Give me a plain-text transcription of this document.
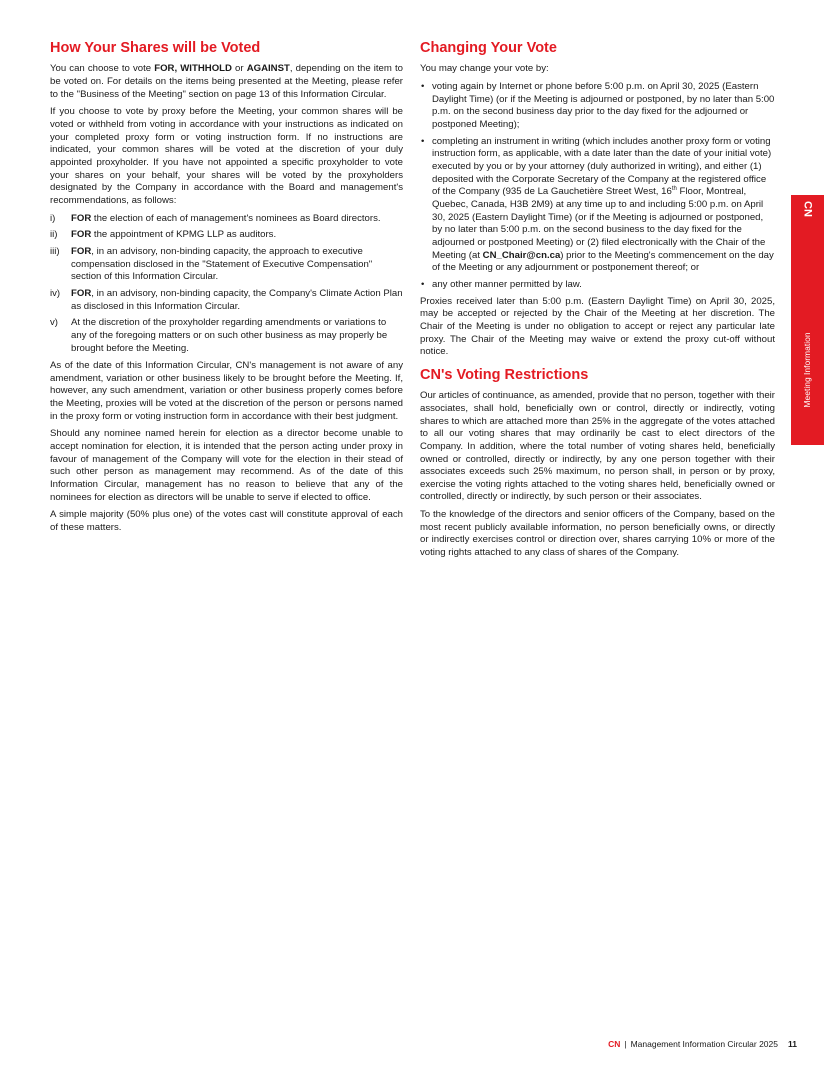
How Your Shares will be Voted

You can choose to vote FOR, WITHHOLD or AGAINST, depending on the item to be voted on. For details on the items being presented at the Meeting, please refer to the "Business of the Meeting" section on page 13 of this Information Circular.

If you choose to vote by proxy before the Meeting, your common shares will be voted or withheld from voting in accordance with your instructions as indicated on your completed proxy form or voting instruction form. If no instructions are indicated, your common shares will be voted at the discretion of your duly appointed proxyholder. If you have not appointed a specific proxyholder to vote your shares on your behalf, your shares will be voted by the proxyholders designated by the Company in accordance with the Board and management's recommendations, as follows:

i) FOR the election of each of management's nominees as Board directors.
ii) FOR the appointment of KPMG LLP as auditors.
iii) FOR, in an advisory, non-binding capacity, the approach to executive compensation disclosed in the "Statement of Executive Compensation" section of this Information Circular.
iv) FOR, in an advisory, non-binding capacity, the Company's Climate Action Plan as disclosed in this Information Circular.
v) At the discretion of the proxyholder regarding amendments or variations to any of the foregoing matters or on such other business as may properly be brought before the Meeting.

As of the date of this Information Circular, CN's management is not aware of any amendment, variation or other business likely to be brought before the Meeting. If, however, any such amendment, variation or other business properly comes before the Meeting, proxies will be voted at the discretion of the person or persons named in the proxy form or voting instruction form in accordance with their best judgment.

Should any nominee named herein for election as a director become unable to accept nomination for election, it is intended that the person acting under proxy in favour of management of the Company will vote for the election in their stead of such other person as management may recommend. As of the date of this Information Circular, management has no reason to believe that any of the nominees for election as directors will be unable to serve if elected to office.

A simple majority (50% plus one) of the votes cast will constitute approval of each of these matters.

Changing Your Vote

You may change your vote by:

• voting again by Internet or phone before 5:00 p.m. on April 30, 2025 (Eastern Daylight Time) (or if the Meeting is adjourned or postponed, by no later than 5:00 p.m. on the second business day prior to the day fixed for the adjourned or postponed Meeting);
• completing an instrument in writing (which includes another proxy form or voting instruction form, as applicable, with a date later than the date of your initial vote) executed by you or by your attorney (duly authorized in writing), and either (1) deposited with the Corporate Secretary of the Company at the registered office of the Company (935 de La Gauchetière Street West, 16th Floor, Montreal, Quebec, Canada, H3B 2M9) at any time up to and including 5:00 p.m. on April 30, 2025 (Eastern Daylight Time) (or if the Meeting is adjourned or postponed, by no later than 5:00 p.m. on the second business to the day fixed for the adjourned or postponed Meeting) or (2) filed electronically with the Chair of the Meeting (at CN_Chair@cn.ca) prior to the Meeting's commencement on the day of the Meeting or any adjournment or postponement thereof; or
• any other manner permitted by law.

Proxies received later than 5:00 p.m. (Eastern Daylight Time) on April 30, 2025, may be accepted or rejected by the Chair of the Meeting at her discretion. The Chair of the Meeting is under no obligation to accept or reject any particular late proxy. The Chair of the Meeting may waive or extend the proxy cut-off without notice.

CN's Voting Restrictions

Our articles of continuance, as amended, provide that no person, together with their associates, shall hold, beneficially own or control, directly or indirectly, voting shares to which are attached more than 25% in the aggregate of the votes attached to all our voting shares that may ordinarily be cast to elect directors of the Company. In addition, where the total number of voting shares held, beneficially owned or controlled, directly or indirectly, by any one person together with their associates exceeds such 25% maximum, no person shall, in person or by proxy, exercise the voting rights attached to the voting shares held, beneficially owned or controlled, directly or indirectly, by such person or their associates.

To the knowledge of the directors and senior officers of the Company, based on the most recent publicly available information, no person beneficially owns, or directly or indirectly exercises control or direction over, shares carrying 10% or more of the voting rights attached to any class of shares of the Company.

CN
Meeting Information
CN | Management Information Circular 2025 11
